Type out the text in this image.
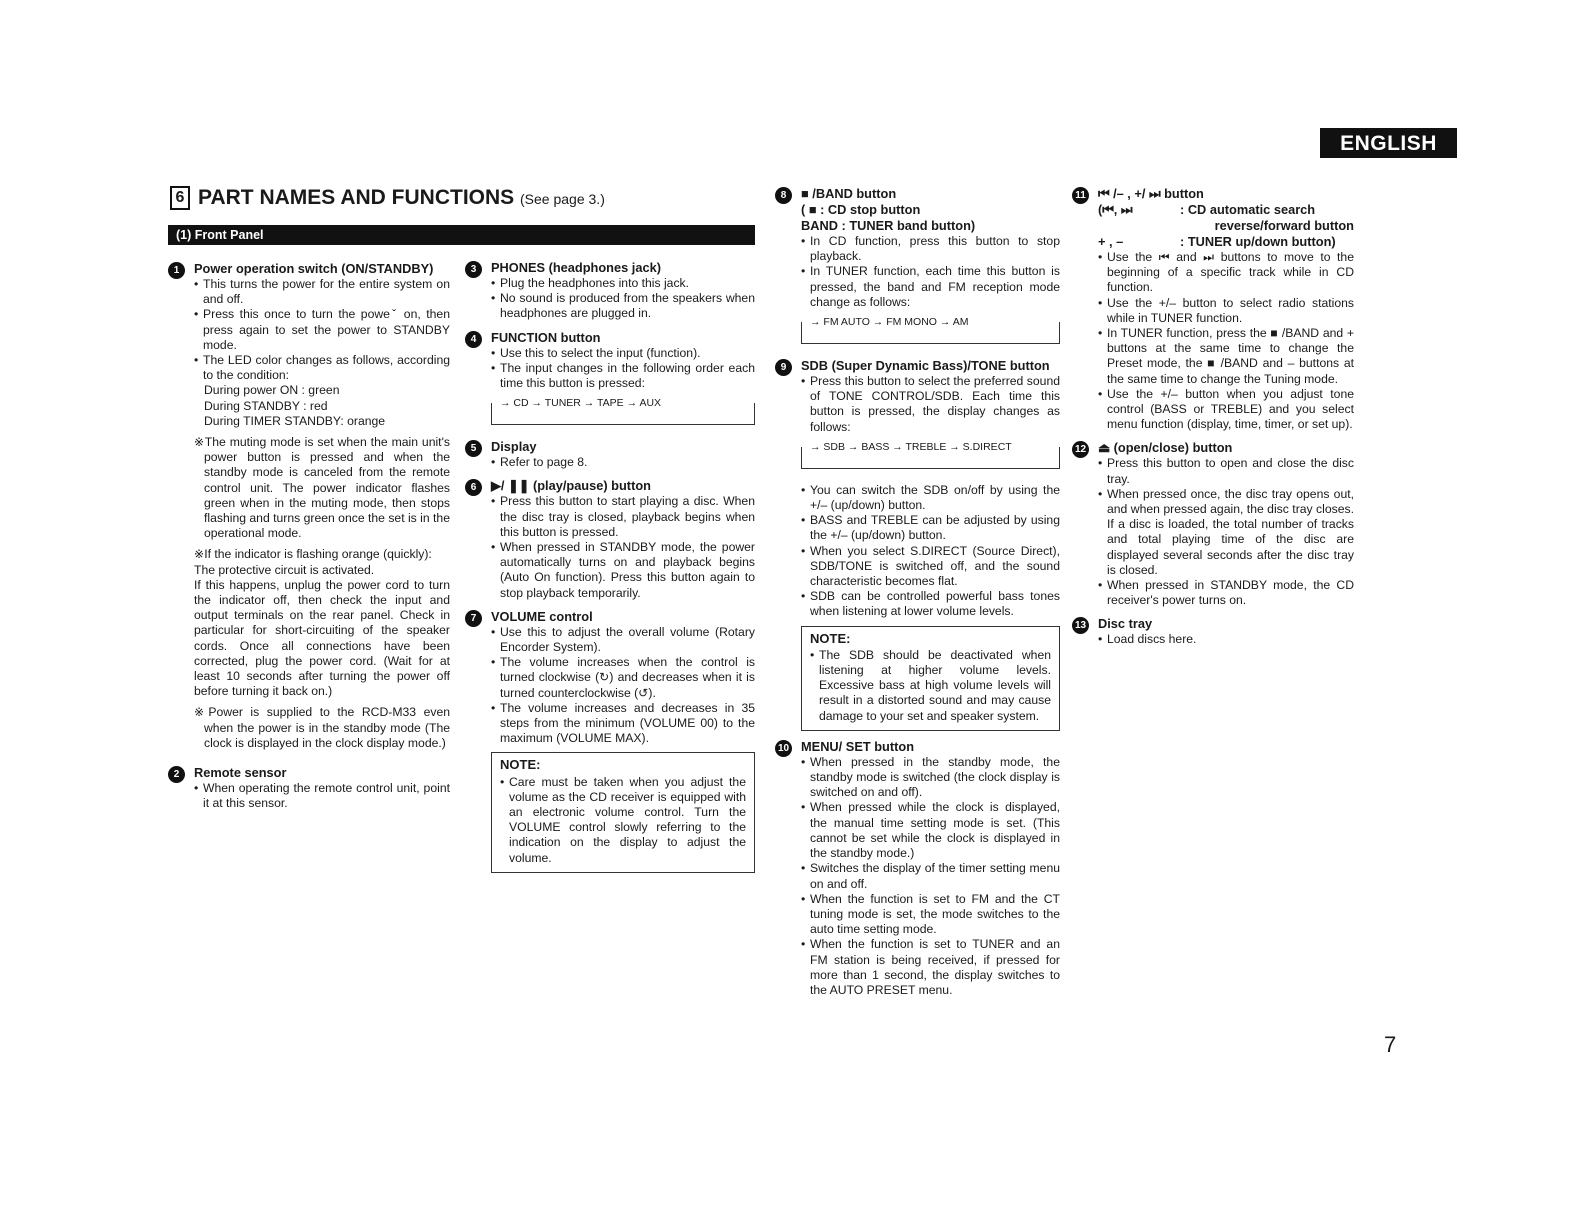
ENGLISH
6 PART NAMES AND FUNCTIONS (See page 3.)
(1) Front Panel
1	Power operation switch (ON/STANDBY)
• This turns the power for the entire system on and off.
• Press this once to turn the poweˇ on, then press again to set the power to STANDBY mode.
• The LED color changes as follows, according to the condition:
During power ON : green
During STANDBY : red
During TIMER STANDBY: orange
※The muting mode is set when the main unit's power button is pressed and when the standby mode is canceled from the remote control unit. The power indicator flashes green when in the muting mode, then stops flashing and turns green once the set is in the operational mode.
※If the indicator is flashing orange (quickly):
The protective circuit is activated.
If this happens, unplug the power cord to turn the indicator off, then check the input and output terminals on the rear panel. Check in particular for short-circuiting of the speaker cords. Once all connections have been corrected, plug the power cord. (Wait for at least 10 seconds after turning the power off before turning it back on.)
※Power is supplied to the RCD-M33 even when the power is in the standby mode (The clock is displayed in the clock display mode.)
2	Remote sensor
• When operating the remote control unit, point it at this sensor.
3	PHONES (headphones jack)
• Plug the headphones into this jack.
• No sound is produced from the speakers when headphones are plugged in.
4	FUNCTION button
• Use this to select the input (function).
• The input changes in the following order each time this button is pressed:
→ CD → TUNER → TAPE → AUX
5	Display
• Refer to page 8.
6	▶/ ❚❚ (play/pause) button
• Press this button to start playing a disc. When the disc tray is closed, playback begins when this button is pressed.
• When pressed in STANDBY mode, the power automatically turns on and playback begins (Auto On function). Press this button again to stop playback temporarily.
7	VOLUME control
• Use this to adjust the overall volume (Rotary Encorder System).
• The volume increases when the control is turned clockwise (↻) and decreases when it is turned counterclockwise (↺).
• The volume increases and decreases in 35 steps from the minimum (VOLUME 00) to the maximum (VOLUME MAX).
NOTE:
• Care must be taken when you adjust the volume as the CD receiver is equipped with an electronic volume control. Turn the VOLUME control slowly referring to the indication on the display to adjust the volume.
8	■ /BAND button
( ■ : CD stop button
BAND : TUNER band button)
• In CD function, press this button to stop playback.
• In TUNER function, each time this button is pressed, the band and FM reception mode change as follows:
→ FM AUTO → FM MONO → AM
9	SDB (Super Dynamic Bass)/TONE button
• Press this button to select the preferred sound of TONE CONTROL/SDB. Each time this button is pressed, the display changes as follows:
→ SDB → BASS → TREBLE → S.DIRECT
• You can switch the SDB on/off by using the +/– (up/down) button.
• BASS and TREBLE can be adjusted by using the +/– (up/down) button.
• When you select S.DIRECT (Source Direct), SDB/TONE is switched off, and the sound characteristic becomes flat.
• SDB can be controlled powerful bass tones when listening at lower volume levels.
NOTE:
• The SDB should be deactivated when listening at higher volume levels. Excessive bass at high volume levels will result in a distorted sound and may cause damage to your set and speaker system.
10 MENU/ SET button
• When pressed in the standby mode, the standby mode is switched (the clock display is switched on and off).
• When pressed while the clock is displayed, the manual time setting mode is set. (This cannot be set while the clock is displayed in the standby mode.)
• Switches the display of the timer setting menu on and off.
• When the function is set to FM and the CT tuning mode is set, the mode switches to the auto time setting mode.
• When the function is set to TUNER and an FM station is being received, if pressed for more than 1 second, the display switches to the AUTO PRESET menu.
11 ⏮ /– , +/ ⏭ button
(⏮, ⏭	: CD automatic search
reverse/forward button
+ , –	: TUNER up/down button)
• Use the ⏮ and ⏭ buttons to move to the beginning of a specific track while in CD function.
• Use the +/– button to select radio stations while in TUNER function.
• In TUNER function, press the ■ /BAND and + buttons at the same time to change the Preset mode, the ■ /BAND and – buttons at the same time to change the Tuning mode.
• Use the +/– button when you adjust tone control (BASS or TREBLE) and you select menu function (display, time, timer, or set up).
12 ⏏ (open/close) button
• Press this button to open and close the disc tray.
• When pressed once, the disc tray opens out, and when pressed again, the disc tray closes. If a disc is loaded, the total number of tracks and total playing time of the disc are displayed several seconds after the disc tray is closed.
• When pressed in STANDBY mode, the CD receiver's power turns on.
13 Disc tray
• Load discs here.
7
